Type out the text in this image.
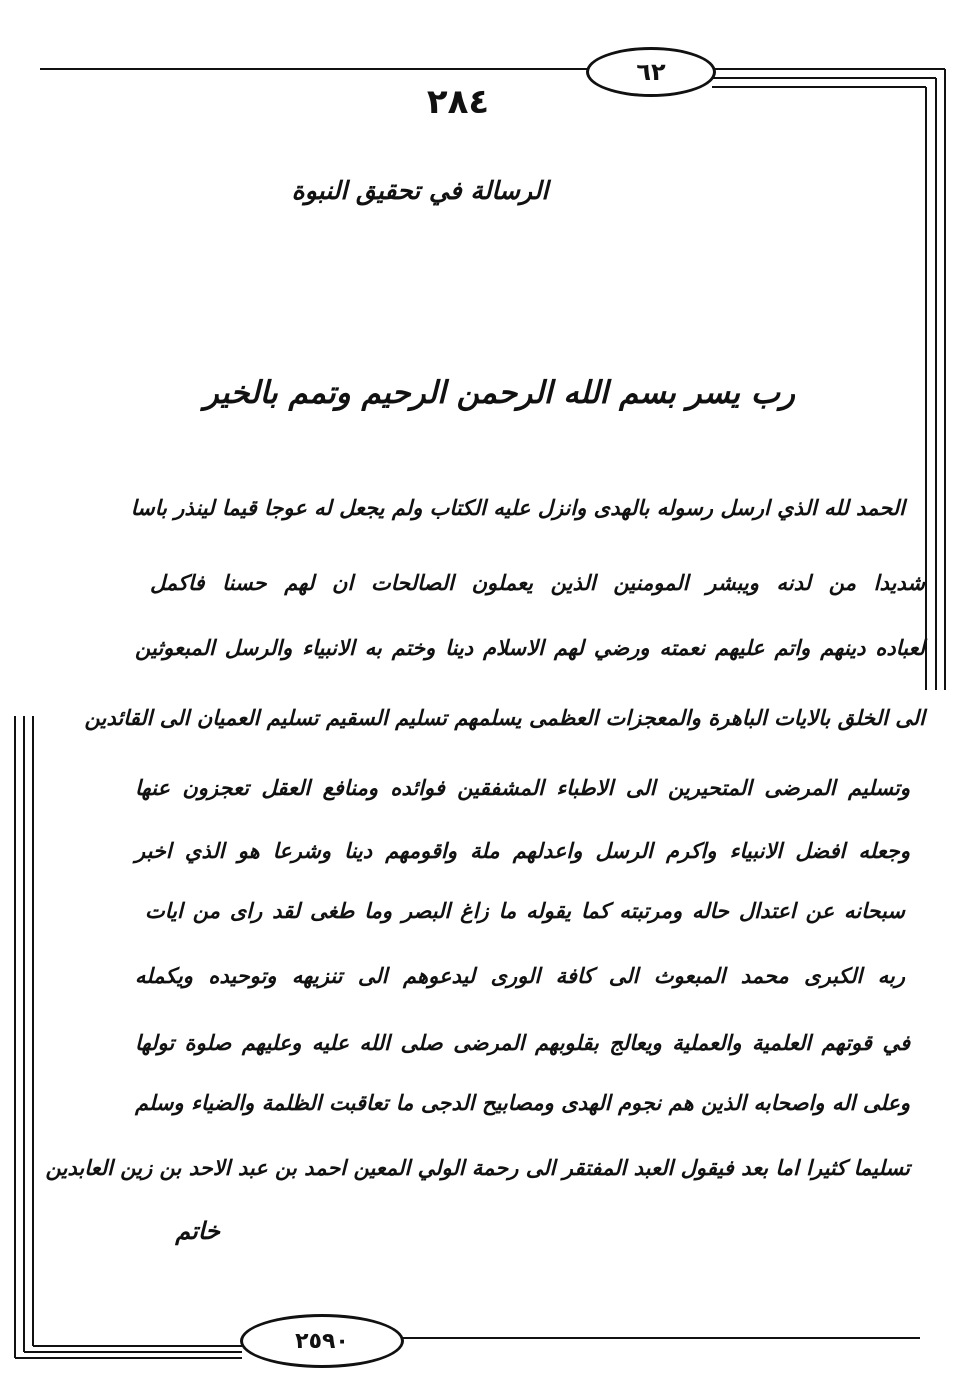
٦٢
٢٨٤
الرسالة في تحقيق النبوة
رب يسر بسم الله الرحمن الرحيم وتمم بالخير
الحمد لله الذي ارسل رسوله بالهدى وانزل عليه الكتاب ولم يجعل له عوجا قيما لينذر باسا
شديدا من لدنه ويبشر المومنين الذين يعملون الصالحات ان لهم حسنا فاكمل
لعباده دينهم واتم عليهم نعمته ورضي لهم الاسلام دينا وختم به الانبياء والرسل المبعوثين
الى الخلق بالايات الباهرة والمعجزات العظمى يسلمهم تسليم السقيم تسليم العميان الى القائدين
وتسليم المرضى المتحيرين الى الاطباء المشفقين فوائده ومنافع العقل تعجزون عنها
وجعله افضل الانبياء واكرم الرسل واعدلهم ملة واقومهم دينا وشرعا هو الذي اخبر
سبحانه عن اعتدال حاله ومرتبته كما يقوله ما زاغ البصر وما طغى لقد راى من ايات
ربه الكبرى محمد المبعوث الى كافة الورى ليدعوهم الى تنزيهه وتوحيده ويكمله
في قوتهم العلمية والعملية ويعالج بقلوبهم المرضى صلى الله عليه وعليهم صلوة تولها
وعلى اله واصحابه الذين هم نجوم الهدى ومصابيح الدجى ما تعاقبت الظلمة والضياء وسلم
تسليما كثيرا اما بعد فيقول العبد المفتقر الى رحمة الولي المعين احمد بن عبد الاحد بن زين العابدين
خاتم
٢٥٩٠
